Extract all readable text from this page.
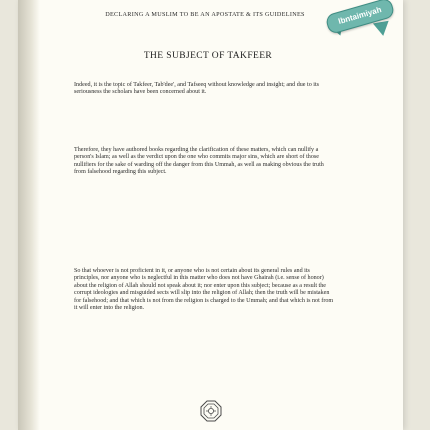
DECLARING A MUSLIM TO BE AN APOSTATE & ITS GUIDELINES	Ibntaimiyah
THE SUBJECT OF TAKFEER

Indeed, it is the topic of Takfeer, Tab'dee', and Tafseeq without knowledge and insight; and due to its seriousness the scholars have been concerned about it.

Therefore, they have authored books regarding the clarification of these matters, which can nullify a person's Islam; as well as the verdict upon the one who commits major sins, which are short of those nullifiers for the sake of warding off the danger from this Ummah, as well as making obvious the truth from falsehood regarding this subject.

So that whoever is not proficient in it, or anyone who is not certain about its general rules and its principles, nor anyone who is neglectful in this matter who does not have Ghairah (i.e. sense of honor) about the religion of Allah should not speak about it; nor enter upon this subject; because as a result the corrupt ideologies and misguided sects will slip into the religion of Allah; then the truth will be mistaken for falsehood; and that which is not from the religion is charged to the Ummah; and that which is not from it will enter into the religion.
